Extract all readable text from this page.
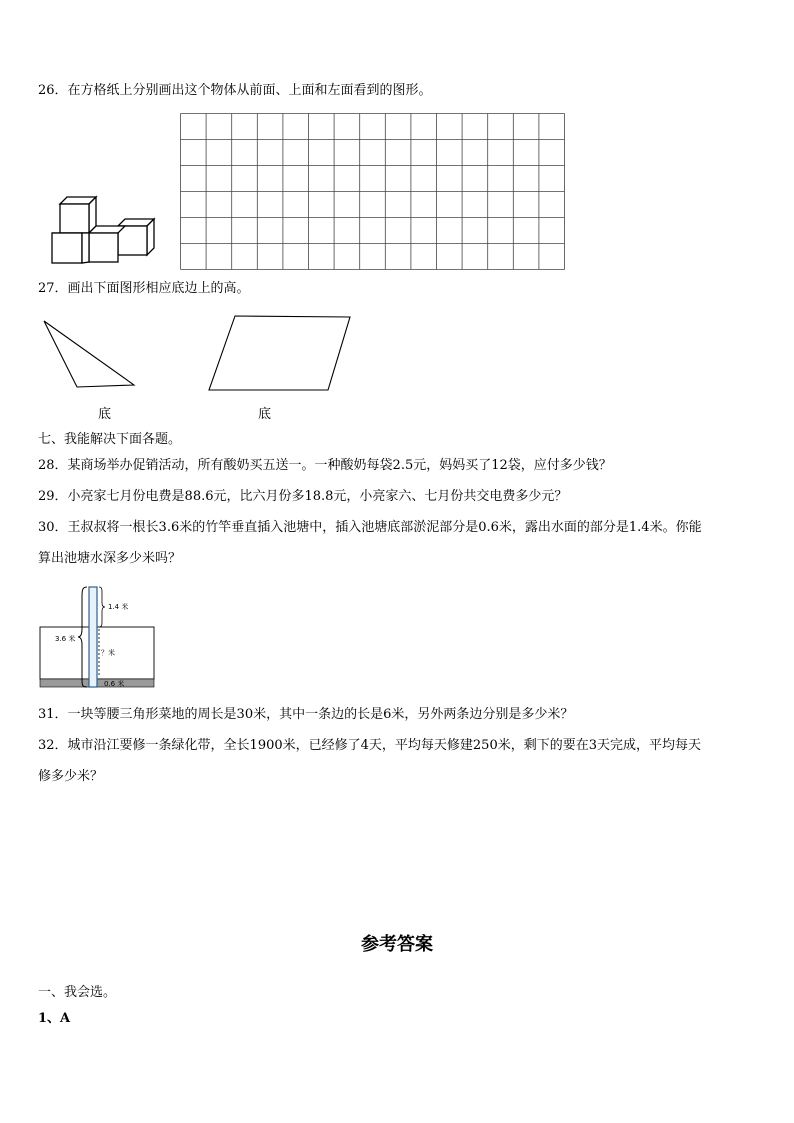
26．在方格纸上分别画出这个物体从前面、上面和左面看到的图形。
27．画出下面图形相应底边上的高。
底	底
七、我能解决下面各题。
28．某商场举办促销活动，所有酸奶买五送一。一种酸奶每袋2.5元，妈妈买了12袋，应付多少钱？
29．小亮家七月份电费是88.6元，比六月份多18.8元，小亮家六、七月份共交电费多少元？
30．王叔叔将一根长3.6米的竹竿垂直插入池塘中，插入池塘底部淤泥部分是0.6米，露出水面的部分是1.4米。你能
算出池塘水深多少米吗？
3.6 米
1.4 米
？米
0.6 米
31．一块等腰三角形菜地的周长是30米，其中一条边的长是6米，另外两条边分别是多少米？
32．城市沿江要修一条绿化带，全长1900米，已经修了4天，平均每天修建250米，剩下的要在3天完成，平均每天
修多少米？
参考答案
一、我会选。
1、A
